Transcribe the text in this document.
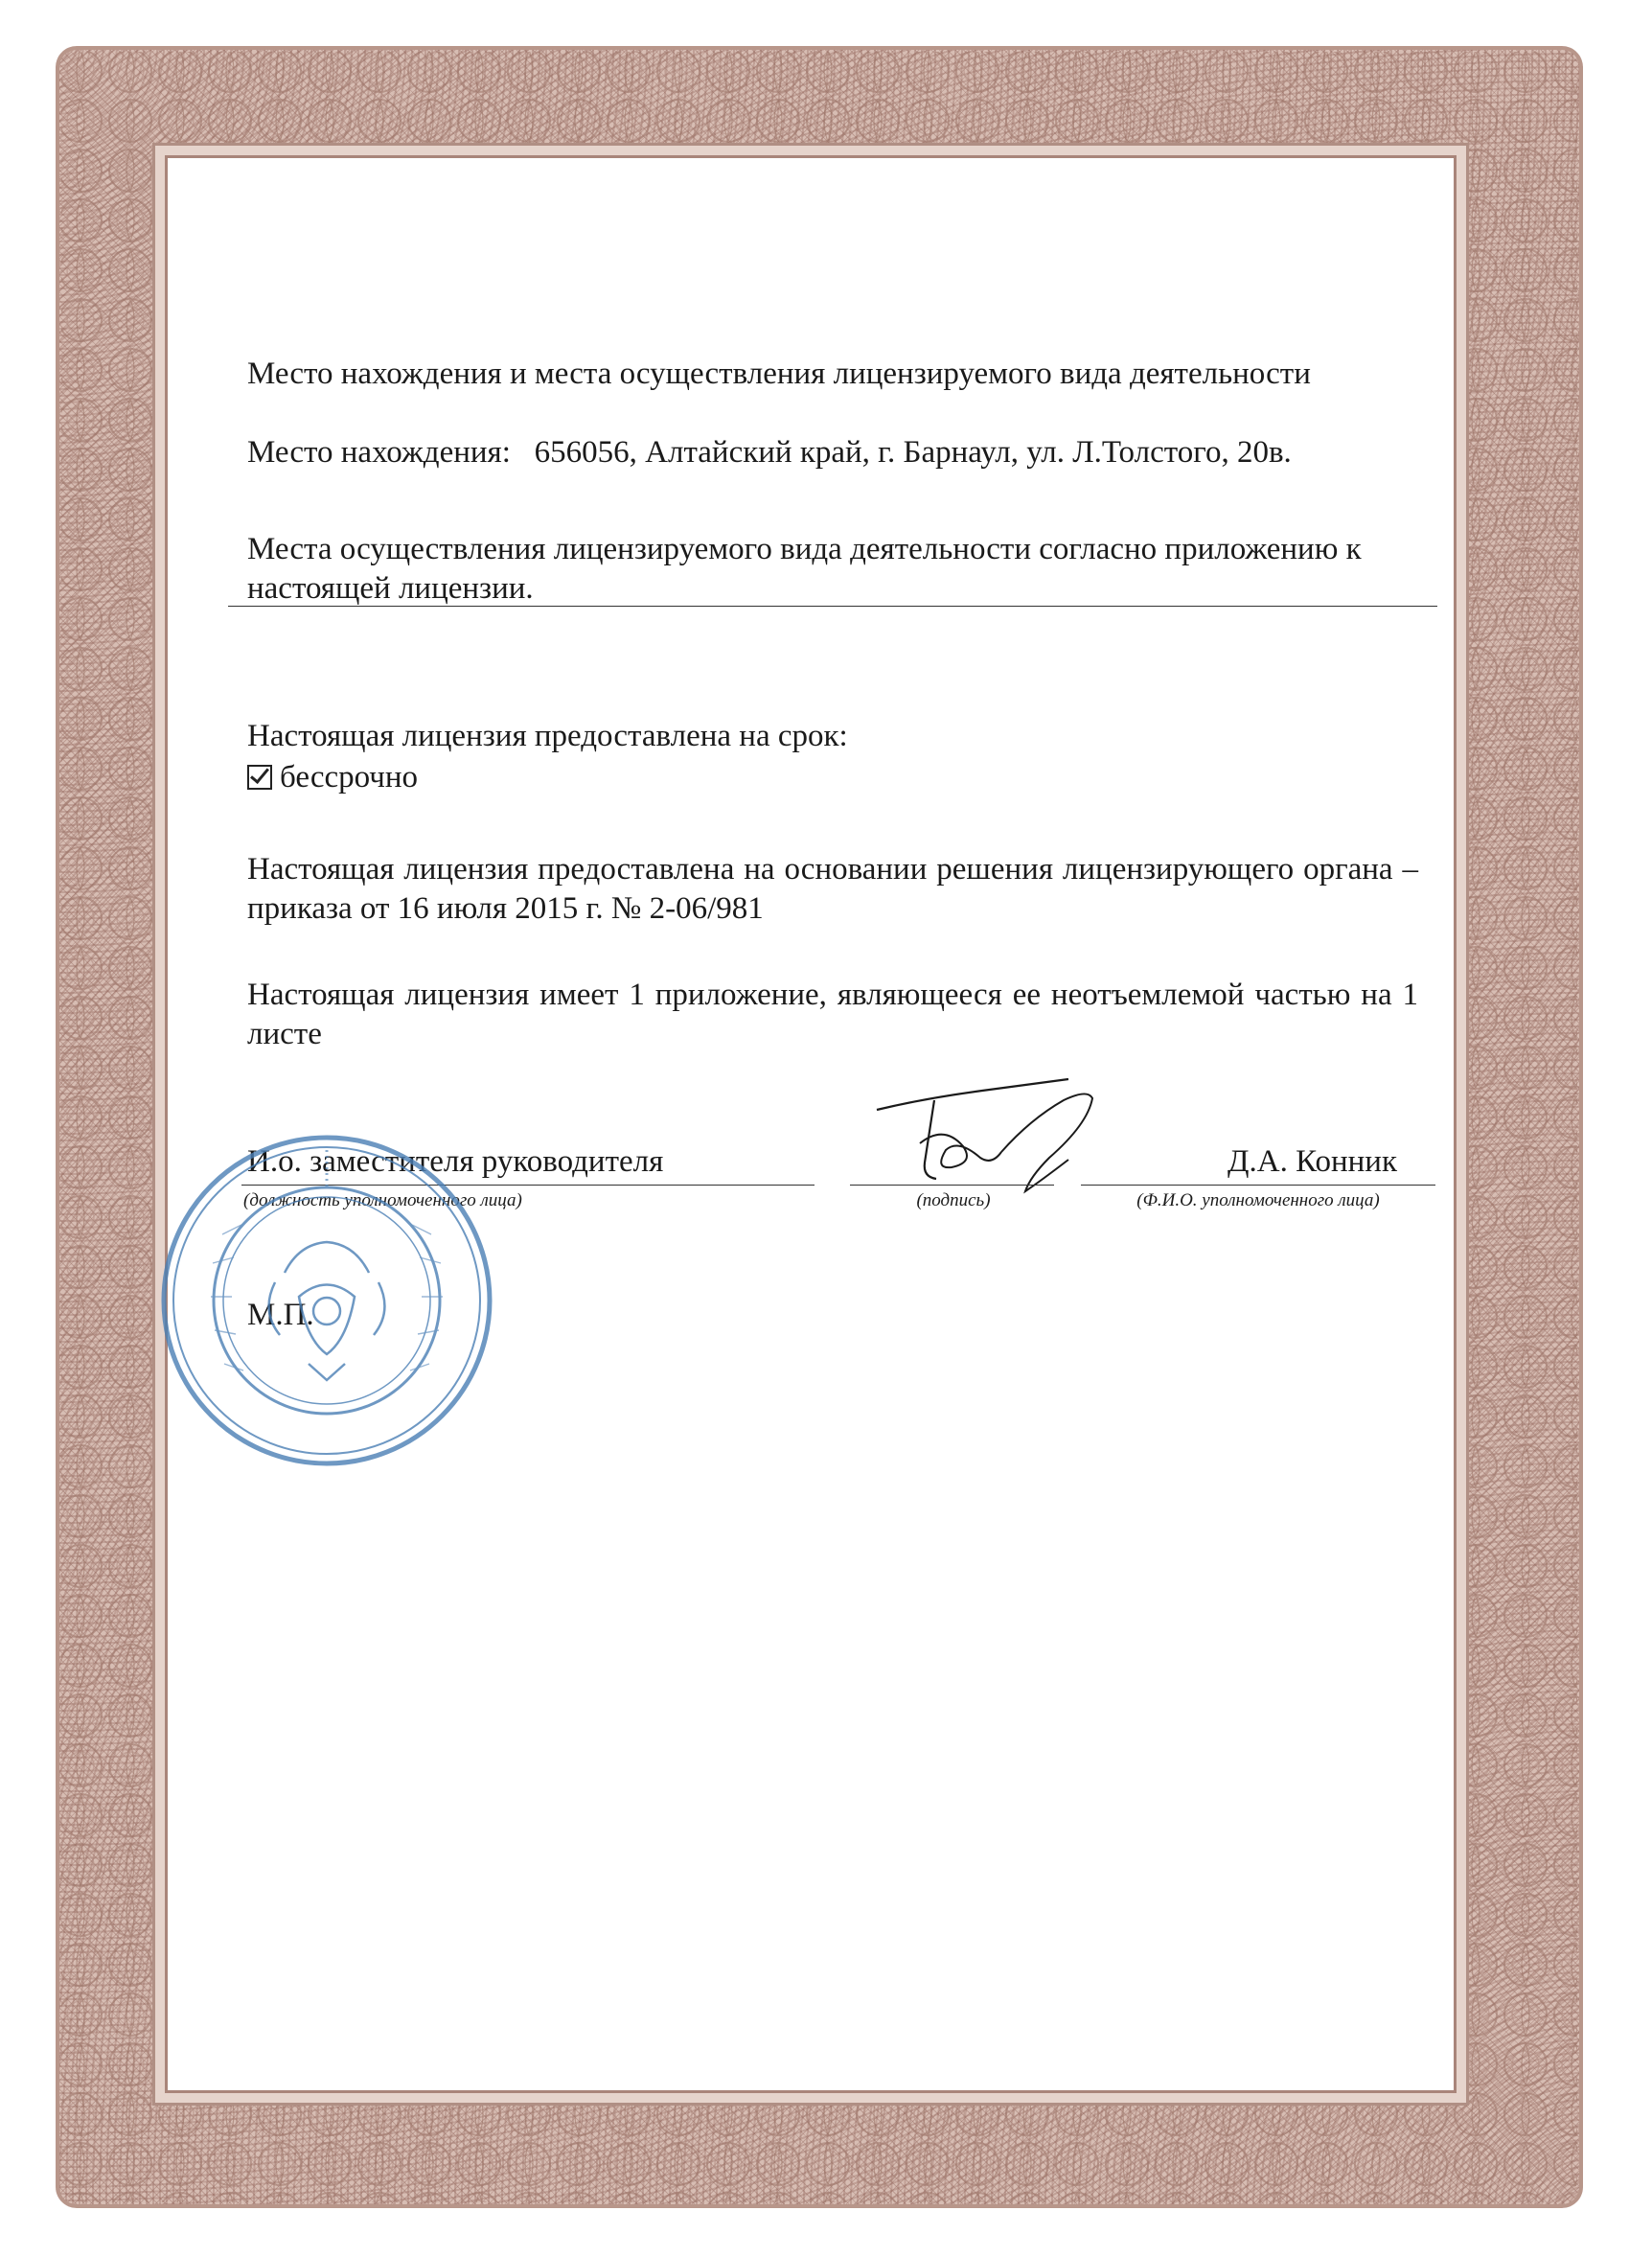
Место нахождения и места осуществления лицензируемого вида деятельности
Место нахождения: 656056, Алтайский край, г. Барнаул, ул. Л.Толстого, 20в.
Места осуществления лицензируемого вида деятельности согласно приложению к настоящей лицензии.
Настоящая лицензия предоставлена на срок:
бессрочно
Настоящая лицензия предоставлена на основании решения лицензирующего органа – приказа от 16 июля 2015 г. № 2-06/981
Настоящая лицензия имеет 1 приложение, являющееся ее неотъемлемой частью на 1 листе
И.о. заместителя руководителя
(должность уполномоченного лица)	(подпись)
Д.А. Конник
(Ф.И.О. уполномоченного лица)
М.П.
